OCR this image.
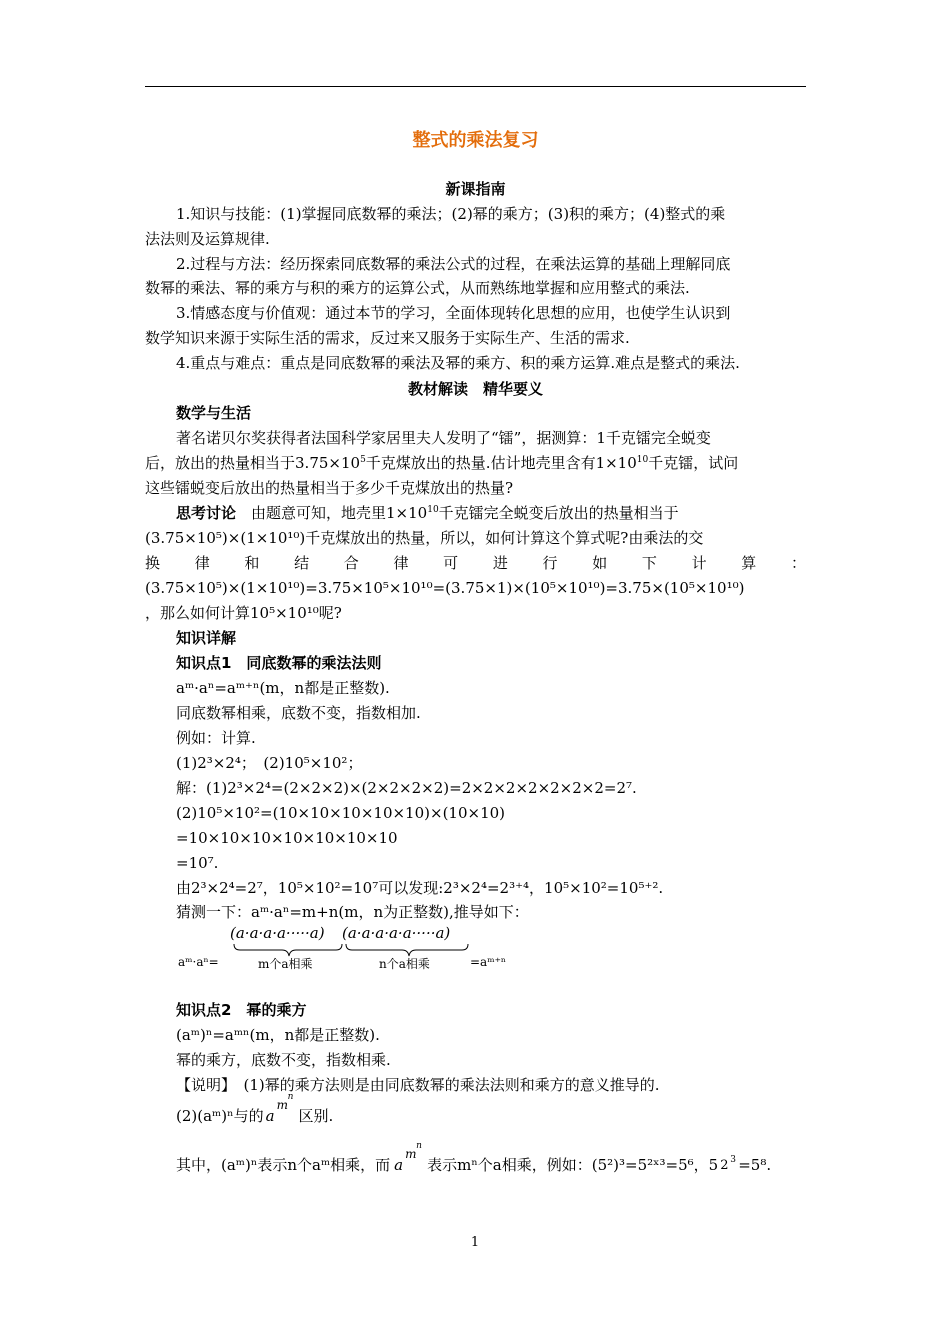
整式的乘法复习
新课指南
1.知识与技能：(1)掌握同底数幂的乘法；(2)幂的乘方；(3)积的乘方；(4)整式的乘
法法则及运算规律.
2.过程与方法：经历探索同底数幂的乘法公式的过程，在乘法运算的基础上理解同底
数幂的乘法、幂的乘方与积的乘方的运算公式，从而熟练地掌握和应用整式的乘法.
3.情感态度与价值观：通过本节的学习，全面体现转化思想的应用，也使学生认识到
数学知识来源于实际生活的需求，反过来又服务于实际生产、生活的需求.
4.重点与难点：重点是同底数幂的乘法及幂的乘方、积的乘方运算.难点是整式的乘法.
教材解读　精华要义
数学与生活
著名诺贝尔奖获得者法国科学家居里夫人发明了“镭”，据测算：1千克镭完全蜕变
后，放出的热量相当于$3.75\times 10^5$千克煤放出的热量.估计地壳里含有$1\times 10^{10}$千克镭，试问
这些镭蜕变后放出的热量相当于多少千克煤放出的热量?
思考讨论　由题意可知，地壳里$1\times 10^{10}$千克镭完全蜕变后放出的热量相当于
(3.75×10⁵)×(1×10¹⁰)千克煤放出的热量，所以，如何计算这个算式呢?由乘法的交
换 律 和 结 合 律 可 进 行 如 下 计 算 ：
(3.75×10⁵)×(1×10¹⁰)=3.75×10⁵×10¹⁰=(3.75×1)×(10⁵×10¹⁰)=3.75×(10⁵×10¹⁰)
，那么如何计算10⁵×10¹⁰呢?
知识详解
知识点1　同底数幂的乘法法则
aᵐ·aⁿ=aᵐ⁺ⁿ(m，n都是正整数).
同底数幂相乘，底数不变，指数相加.
例如：计算.
(1)2³×2⁴；　(2)10⁵×10²；
解：(1)2³×2⁴=(2×2×2)×(2×2×2×2)=2×2×2×2×2×2×2=2⁷.
(2)10⁵×10²=(10×10×10×10×10)×(10×10)
=10×10×10×10×10×10×10
=10⁷.
由2³×2⁴=2⁷，10⁵×10²=10⁷可以发现:2³×2⁴=2³⁺⁴，10⁵×10²=10⁵⁺².
猜测一下：aᵐ·aⁿ=m+n(m，n为正整数),推导如下：
aᵐ·aⁿ=
(a·a·a·a·····a)
m个a相乘
(a·a·a·a·a·····a)
n个a相乘	=aᵐ⁺ⁿ
知识点2　幂的乘方
(aᵐ)ⁿ=aᵐⁿ(m，n都是正整数).
幂的乘方，底数不变，指数相乘.
【说明】　(1)幂的乘方法则是由同底数幂的乘法法则和乘方的意义推导的.
(2)(aᵐ)ⁿ与的 a
m
n
区别.
其中，(aᵐ)ⁿ表示n个aᵐ相乘，而 a
m
n
表示mⁿ个a相乘，例如：(5²)³=5²ˣ³=5⁶，5 2 3 =5⁸.
1
